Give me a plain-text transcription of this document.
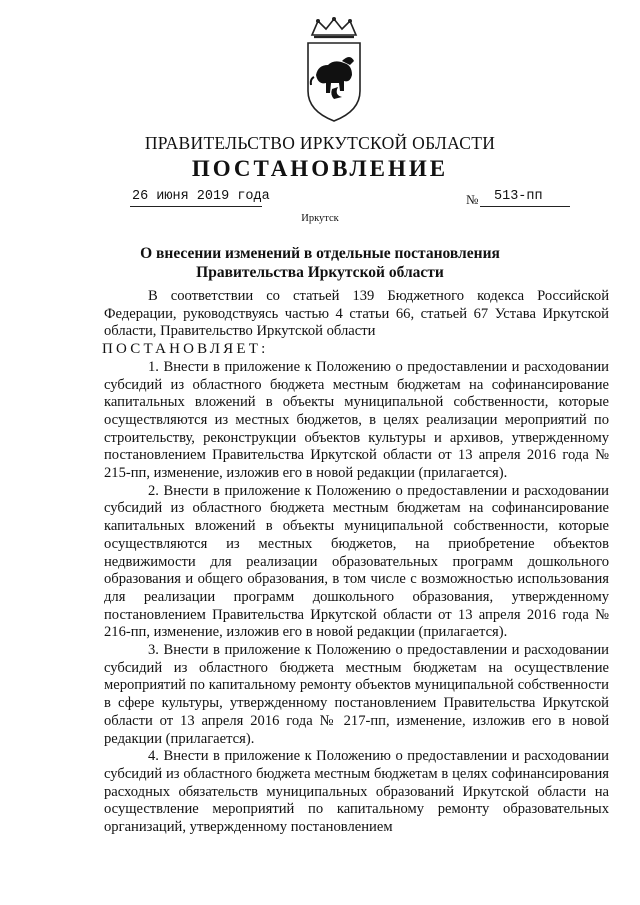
ПРАВИТЕЛЬСТВО ИРКУТСКОЙ ОБЛАСТИ
ПОСТАНОВЛЕНИЕ
26 июня 2019 года	№ 513-пп
Иркутск
О внесении изменений в отдельные постановления Правительства Иркутской области

В соответствии со статьей 139 Бюджетного кодекса Российской Федерации, руководствуясь частью 4 статьи 66, статьей 67 Устава Иркутской области, Правительство Иркутской области

ПОСТАНОВЛЯЕТ:

1. Внести в приложение к Положению о предоставлении и расходовании субсидий из областного бюджета местным бюджетам на софинансирование капитальных вложений в объекты муниципальной собственности, которые осуществляются из местных бюджетов, в целях реализации мероприятий по строительству, реконструкции объектов культуры и архивов, утвержденному постановлением Правительства Иркутской области от 13 апреля 2016 года № 215-пп, изменение, изложив его в новой редакции (прилагается).

2. Внести в приложение к Положению о предоставлении и расходовании субсидий из областного бюджета местным бюджетам на софинансирование капитальных вложений в объекты муниципальной собственности, которые осуществляются из местных бюджетов, на приобретение объектов недвижимости для реализации образовательных программ дошкольного образования и общего образования, в том числе с возможностью использования для реализации программ дошкольного образования, утвержденному постановлением Правительства Иркутской области от 13 апреля 2016 года № 216-пп, изменение, изложив его в новой редакции (прилагается).

3. Внести в приложение к Положению о предоставлении и расходовании субсидий из областного бюджета местным бюджетам на осуществление мероприятий по капитальному ремонту объектов муниципальной собственности в сфере культуры, утвержденному постановлением Правительства Иркутской области от 13 апреля 2016 года № 217-пп, изменение, изложив его в новой редакции (прилагается).

4. Внести в приложение к Положению о предоставлении и расходовании субсидий из областного бюджета местным бюджетам в целях софинансирования расходных обязательств муниципальных образований Иркутской области на осуществление мероприятий по капитальному ремонту образовательных организаций, утвержденному постановлением
